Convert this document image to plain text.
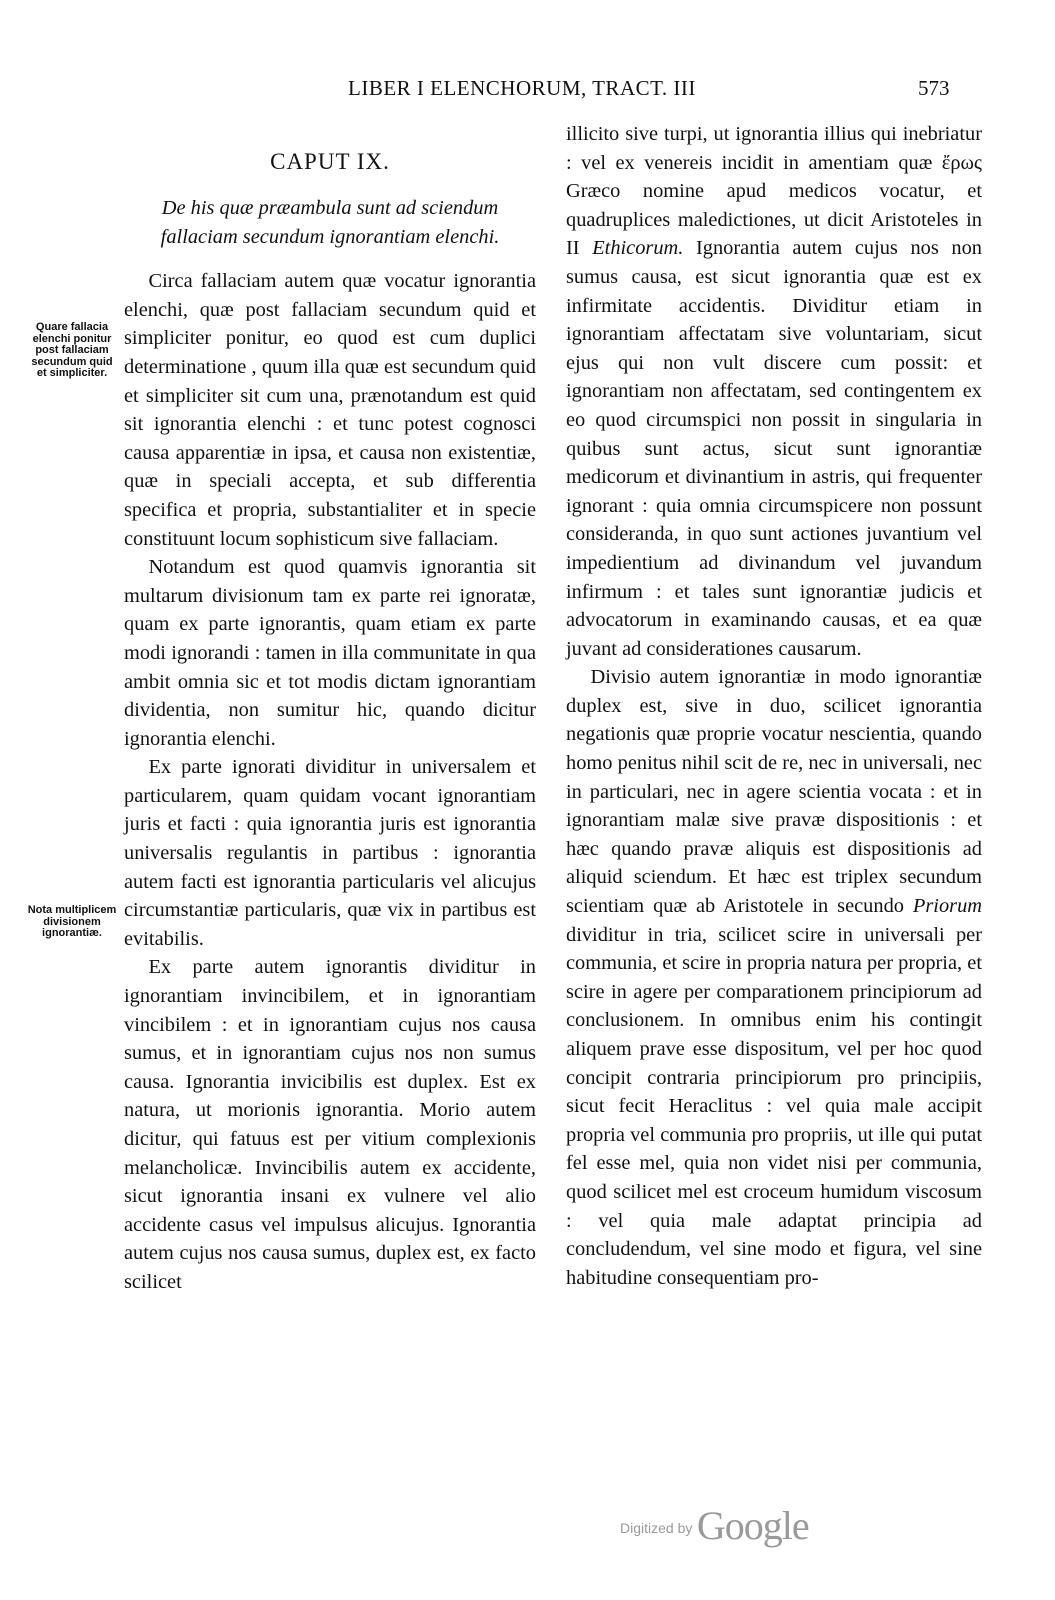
LIBER I ELENCHORUM, TRACT. III	573
Quare fallacia elenchi ponitur post fallaciam secundum quid et simpliciter.
Nota multiplicem divisionem ignorantiæ.
CAPUT IX.
De his quæ præambula sunt ad sciendum fallaciam secundum ignorantiam elenchi.

Circa fallaciam autem quæ vocatur ignorantia elenchi, quæ post fallaciam secundum quid et simpliciter ponitur, eo quod est cum duplici determinatione , quum illa quæ est secundum quid et simpliciter sit cum una, prænotandum est quid sit ignorantia elenchi : et tunc potest cognosci causa apparentiæ in ipsa, et causa non existentiæ, quæ in speciali accepta, et sub differentia specifica et propria, substantialiter et in specie constituunt locum sophisticum sive fallaciam.

Notandum est quod quamvis ignorantia sit multarum divisionum tam ex parte rei ignoratæ, quam ex parte ignorantis, quam etiam ex parte modi ignorandi : tamen in illa communitate in qua ambit omnia sic et tot modis dictam ignorantiam dividentia, non sumitur hic, quando dicitur ignorantia elenchi.

Ex parte ignorati dividitur in universalem et particularem, quam quidam vocant ignorantiam juris et facti : quia ignorantia juris est ignorantia universalis regulantis in partibus : ignorantia autem facti est ignorantia particularis vel alicujus circumstantiæ particularis, quæ vix in partibus est evitabilis.

Ex parte autem ignorantis dividitur in ignorantiam invincibilem, et in ignorantiam vincibilem : et in ignorantiam cujus nos causa sumus, et in ignorantiam cujus nos non sumus causa. Ignorantia invicibilis est duplex. Est ex natura, ut morionis ignorantia. Morio autem dicitur, qui fatuus est per vitium complexionis melancholicæ. Invincibilis autem ex accidente, sicut ignorantia insani ex vulnere vel alio accidente casus vel impulsus alicujus. Ignorantia autem cujus nos causa sumus, duplex est, ex facto scilicet

illicito sive turpi, ut ignorantia illius qui inebriatur : vel ex venereis incidit in amentiam quæ ἔρως Græco nomine apud medicos vocatur, et quadruplices maledictiones, ut dicit Aristoteles in II Ethicorum. Ignorantia autem cujus nos non sumus causa, est sicut ignorantia quæ est ex infirmitate accidentis. Dividitur etiam in ignorantiam affectatam sive voluntariam, sicut ejus qui non vult discere cum possit: et ignorantiam non affectatam, sed contingentem ex eo quod circumspici non possit in singularia in quibus sunt actus, sicut sunt ignorantiæ medicorum et divinantium in astris, qui frequenter ignorant : quia omnia circumspicere non possunt consideranda, in quo sunt actiones juvantium vel impedientium ad divinandum vel juvandum infirmum : et tales sunt ignorantiæ judicis et advocatorum in examinando causas, et ea quæ juvant ad considerationes causarum.

Divisio autem ignorantiæ in modo ignorantiæ duplex est, sive in duo, scilicet ignorantia negationis quæ proprie vocatur nescientia, quando homo penitus nihil scit de re, nec in universali, nec in particulari, nec in agere scientia vocata : et in ignorantiam malæ sive pravæ dispositionis : et hæc quando pravæ aliquis est dispositionis ad aliquid sciendum. Et hæc est triplex secundum scientiam quæ ab Aristotele in secundo Priorum dividitur in tria, scilicet scire in universali per communia, et scire in propria natura per propria, et scire in agere per comparationem principiorum ad conclusionem. In omnibus enim his contingit aliquem prave esse dispositum, vel per hoc quod concipit contraria principiorum pro principiis, sicut fecit Heraclitus : vel quia male accipit propria vel communia pro propriis, ut ille qui putat fel esse mel, quia non videt nisi per communia, quod scilicet mel est croceum humidum viscosum : vel quia male adaptat principia ad concludendum, vel sine modo et figura, vel sine habitudine consequentiam pro-

Digitized by Google
